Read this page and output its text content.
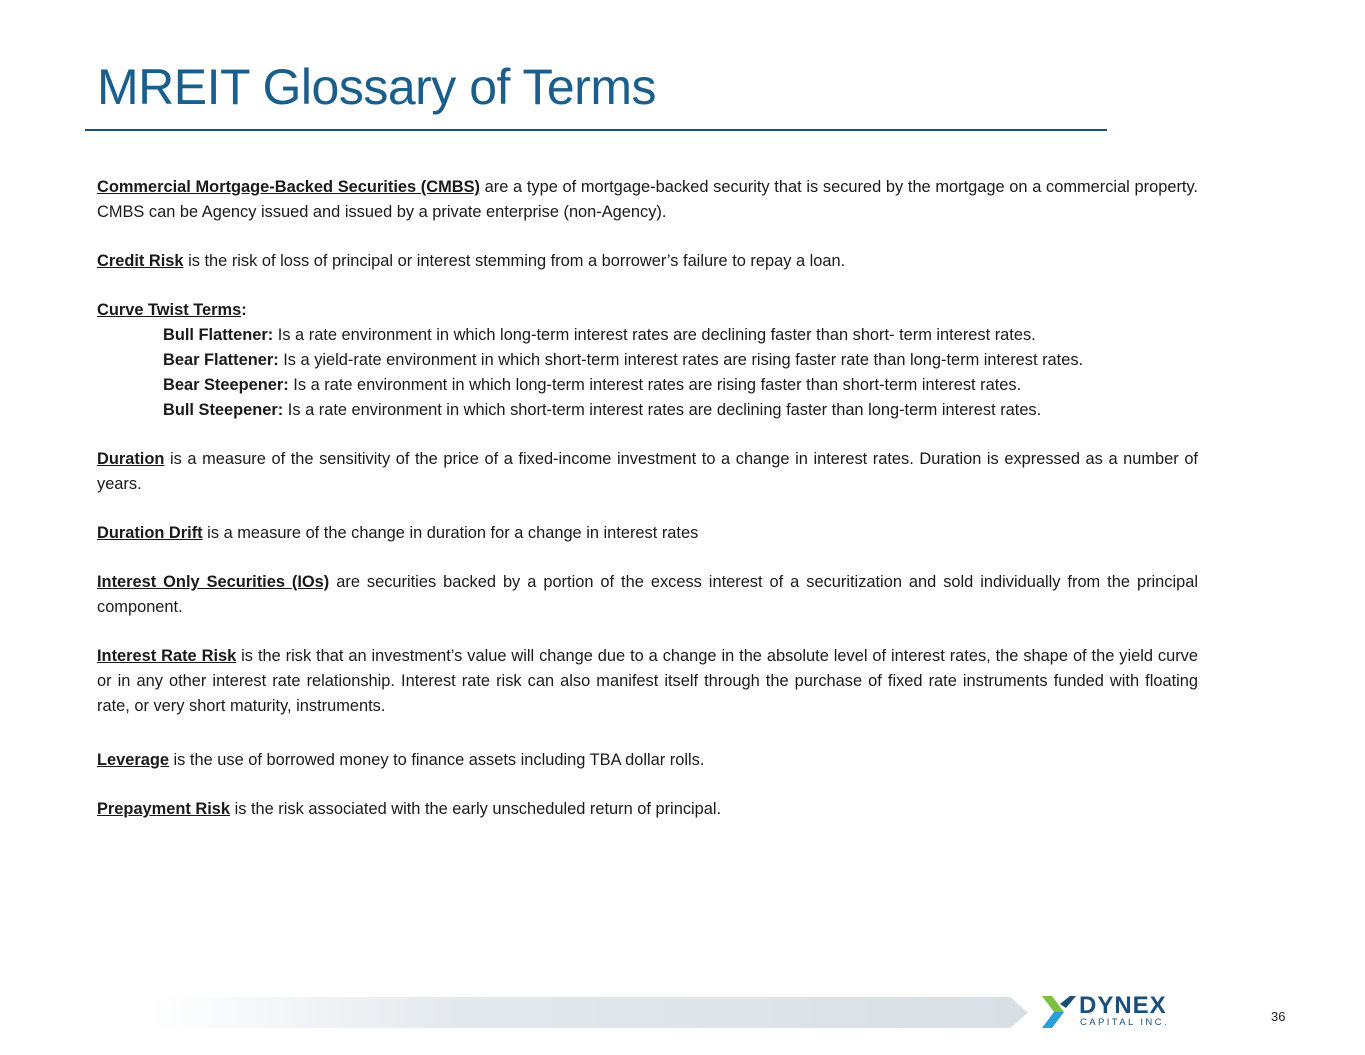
MREIT Glossary of Terms

Commercial Mortgage-Backed Securities (CMBS) are a type of mortgage-backed security that is secured by the mortgage on a commercial property. CMBS can be Agency issued and issued by a private enterprise (non-Agency).

Credit Risk is the risk of loss of principal or interest stemming from a borrower’s failure to repay a loan.

Curve Twist Terms:

Bull Flattener: Is a rate environment in which long-term interest rates are declining faster than short- term interest rates.
Bear Flattener: Is a yield-rate environment in which short-term interest rates are rising faster rate than long-term interest rates.
Bear Steepener: Is a rate environment in which long-term interest rates are rising faster than short-term interest rates.
Bull Steepener: Is a rate environment in which short-term interest rates are declining faster than long-term interest rates.

Duration is a measure of the sensitivity of the price of a fixed-income investment to a change in interest rates. Duration is expressed as a number of years.

Duration Drift is a measure of the change in duration for a change in interest rates

Interest Only Securities (IOs) are securities backed by a portion of the excess interest of a securitization and sold individually from the principal component.

Interest Rate Risk is the risk that an investment’s value will change due to a change in the absolute level of interest rates, the shape of the yield curve or in any other interest rate relationship. Interest rate risk can also manifest itself through the purchase of fixed rate instruments funded with floating rate, or very short maturity, instruments.

Leverage is the use of borrowed money to finance assets including TBA dollar rolls.

Prepayment Risk is the risk associated with the early unscheduled return of principal.

DYNEX
CAPITAL INC.	36
